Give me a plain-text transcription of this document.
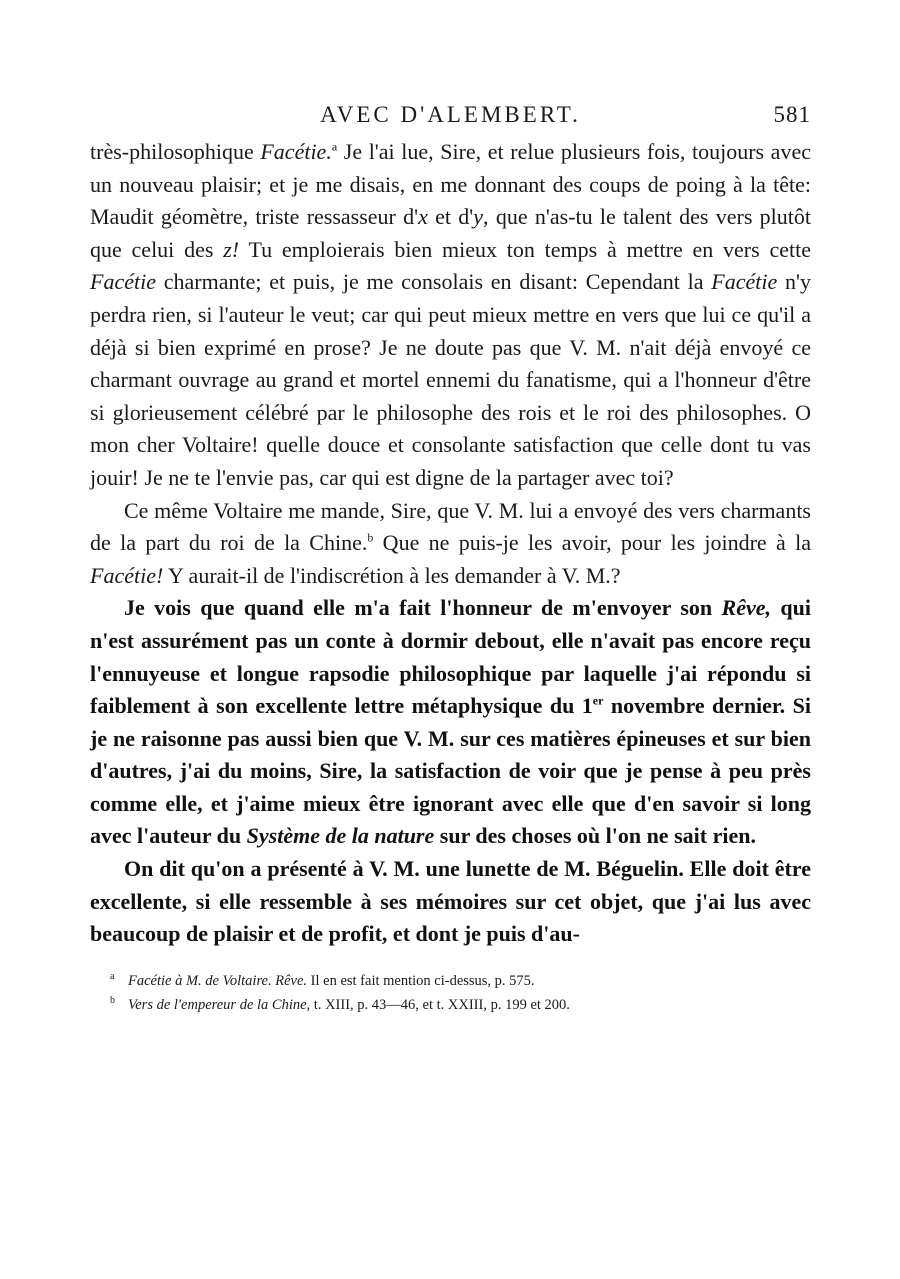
AVEC D'ALEMBERT.	581

très-philosophique Facétie.$^a$ Je l'ai lue, Sire, et relue plusieurs fois, toujours avec un nouveau plaisir; et je me disais, en me donnant des coups de poing à la tête: Maudit géomètre, triste ressasseur d'x et d'y, que n'as-tu le talent des vers plutôt que celui des z! Tu emploierais bien mieux ton temps à mettre en vers cette Facétie charmante; et puis, je me consolais en disant: Cependant la Facétie n'y perdra rien, si l'auteur le veut; car qui peut mieux mettre en vers que lui ce qu'il a déjà si bien exprimé en prose? Je ne doute pas que V. M. n'ait déjà envoyé ce charmant ouvrage au grand et mortel ennemi du fanatisme, qui a l'honneur d'être si glorieusement célébré par le philosophe des rois et le roi des philosophes. O mon cher Voltaire! quelle douce et consolante satisfaction que celle dont tu vas jouir! Je ne te l'envie pas, car qui est digne de la partager avec toi?

Ce même Voltaire me mande, Sire, que V. M. lui a envoyé des vers charmants de la part du roi de la Chine.$^b$ Que ne puis-je les avoir, pour les joindre à la Facétie! Y aurait-il de l'indiscrétion à les demander à V. M.?

Je vois que quand elle m'a fait l'honneur de m'envoyer son Rêve, qui n'est assurément pas un conte à dormir debout, elle n'avait pas encore reçu l'ennuyeuse et longue rapsodie philosophique par laquelle j'ai répondu si faiblement à son excellente lettre métaphysique du 1er novembre dernier. Si je ne raisonne pas aussi bien que V. M. sur ces matières épineuses et sur bien d'autres, j'ai du moins, Sire, la satisfaction de voir que je pense à peu près comme elle, et j'aime mieux être ignorant avec elle que d'en savoir si long avec l'auteur du Système de la nature sur des choses où l'on ne sait rien.

On dit qu'on a présenté à V. M. une lunette de M. Béguelin. Elle doit être excellente, si elle ressemble à ses mémoires sur cet objet, que j'ai lus avec beaucoup de plaisir et de profit, et dont je puis d'au-

a Facétie à M. de Voltaire. Rêve. Il en est fait mention ci-dessus, p. 575.
b Vers de l'empereur de la Chine, t. XIII, p. 43—46, et t. XXIII, p. 199 et 200.
